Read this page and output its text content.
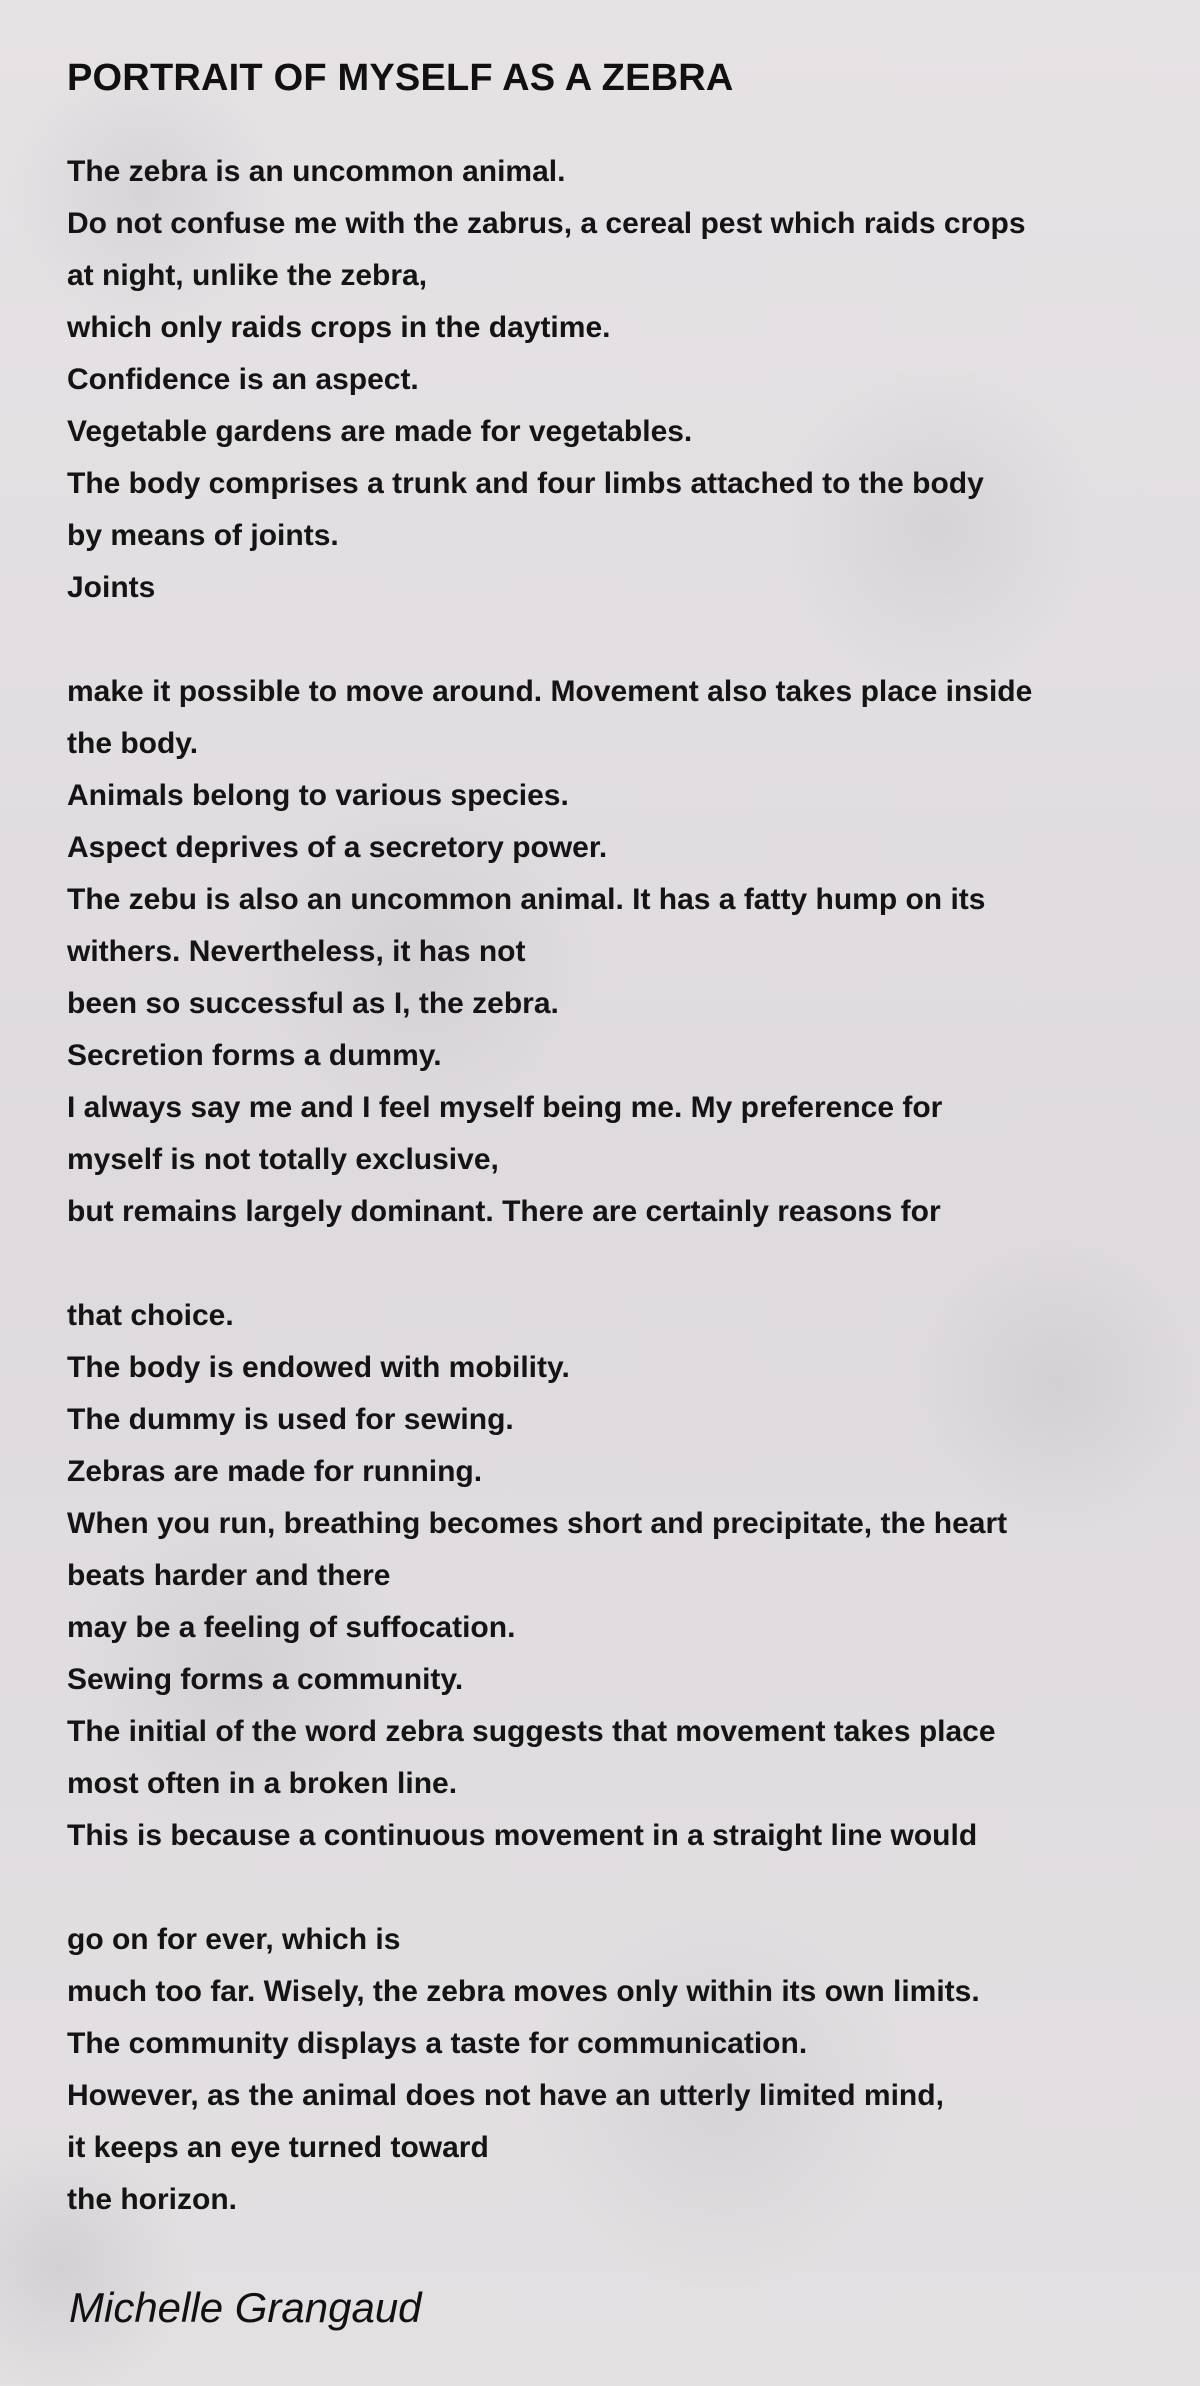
PORTRAIT OF MYSELF AS A ZEBRA
The zebra is an uncommon animal.
Do not confuse me with the zabrus, a cereal pest which raids crops
at night, unlike the zebra,
which only raids crops in the daytime.
Confidence is an aspect.
Vegetable gardens are made for vegetables.
The body comprises a trunk and four limbs attached to the body
by means of joints.
Joints
make it possible to move around. Movement also takes place inside
the body.
Animals belong to various species.
Aspect deprives of a secretory power.
The zebu is also an uncommon animal. It has a fatty hump on its
withers. Nevertheless, it has not
been so successful as I, the zebra.
Secretion forms a dummy.
I always say me and I feel myself being me. My preference for
myself is not totally exclusive,
but remains largely dominant. There are certainly reasons for
that choice.
The body is endowed with mobility.
The dummy is used for sewing.
Zebras are made for running.
When you run, breathing becomes short and precipitate, the heart
beats harder and there
may be a feeling of suffocation.
Sewing forms a community.
The initial of the word zebra suggests that movement takes place
most often in a broken line.
This is because a continuous movement in a straight line would
go on for ever, which is
much too far. Wisely, the zebra moves only within its own limits.
The community displays a taste for communication.
However, as the animal does not have an utterly limited mind,
it keeps an eye turned toward
the horizon.
Michelle Grangaud
